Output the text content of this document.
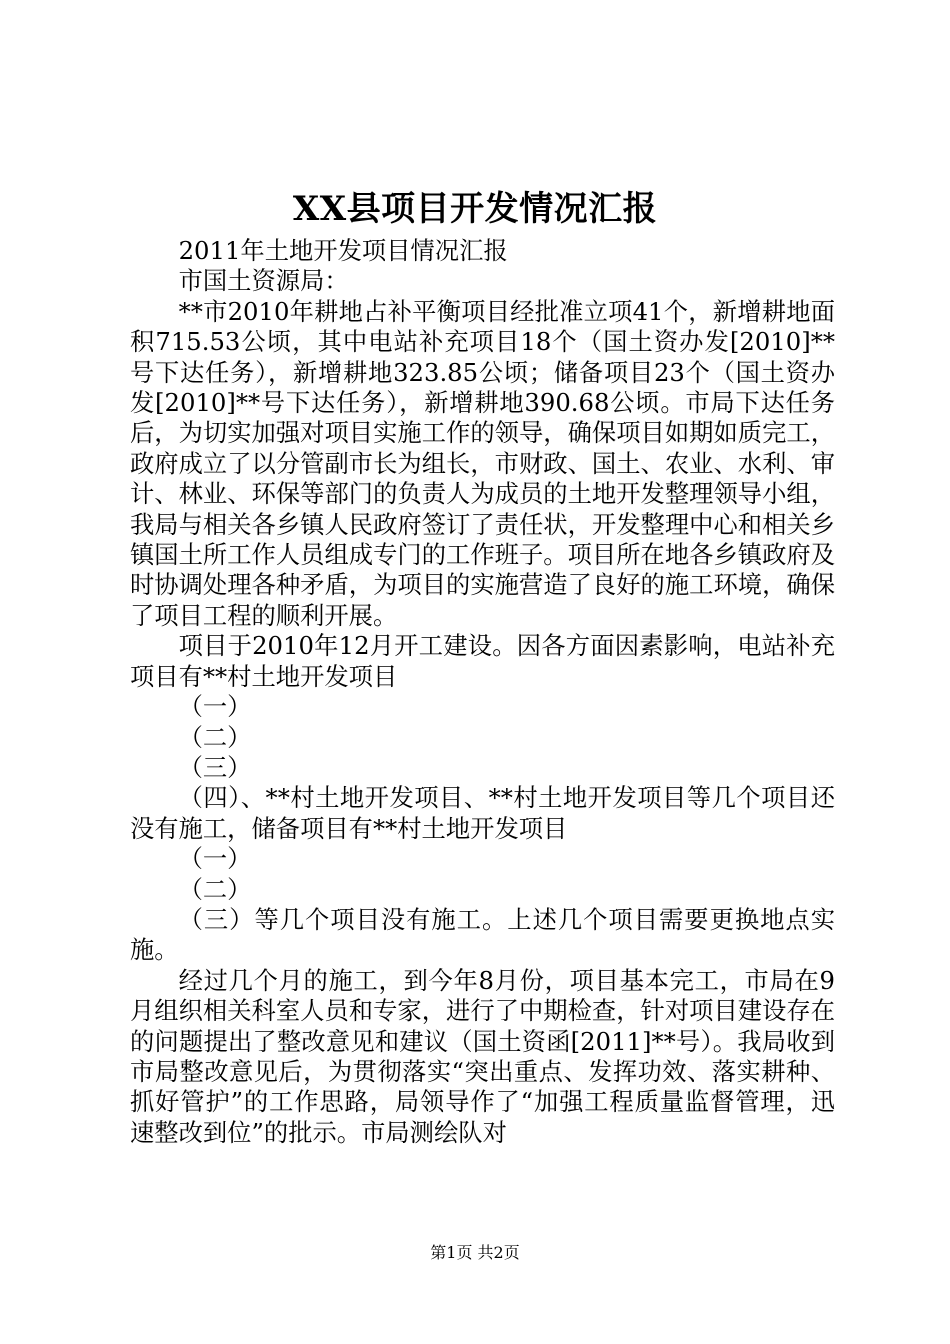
XX县项目开发情况汇报

2011年土地开发项目情况汇报

市国土资源局：

**市2010年耕地占补平衡项目经批准立项41个，新增耕地面积715.53公顷，其中电站补充项目18个（国土资办发[2010]**号下达任务），新增耕地323.85公顷；储备项目23个（国土资办发[2010]**号下达任务），新增耕地390.68公顷。市局下达任务后，为切实加强对项目实施工作的领导，确保项目如期如质完工，政府成立了以分管副市长为组长，市财政、国土、农业、水利、审计、林业、环保等部门的负责人为成员的土地开发整理领导小组，我局与相关各乡镇人民政府签订了责任状，开发整理中心和相关乡镇国土所工作人员组成专门的工作班子。项目所在地各乡镇政府及时协调处理各种矛盾，为项目的实施营造了良好的施工环境，确保了项目工程的顺利开展。

项目于2010年12月开工建设。因各方面因素影响，电站补充项目有**村土地开发项目

（一）

（二）

（三）

（四）、**村土地开发项目、**村土地开发项目等几个项目还没有施工，储备项目有**村土地开发项目

（一）

（二）

（三）等几个项目没有施工。上述几个项目需要更换地点实施。

经过几个月的施工，到今年8月份，项目基本完工，市局在9月组织相关科室人员和专家，进行了中期检查，针对项目建设存在的问题提出了整改意见和建议（国土资函[2011]**号）。我局收到市局整改意见后，为贯彻落实“突出重点、发挥功效、落实耕种、抓好管护”的工作思路，局领导作了“加强工程质量监督管理，迅速整改到位”的批示。市局测绘队对

第1页 共2页
